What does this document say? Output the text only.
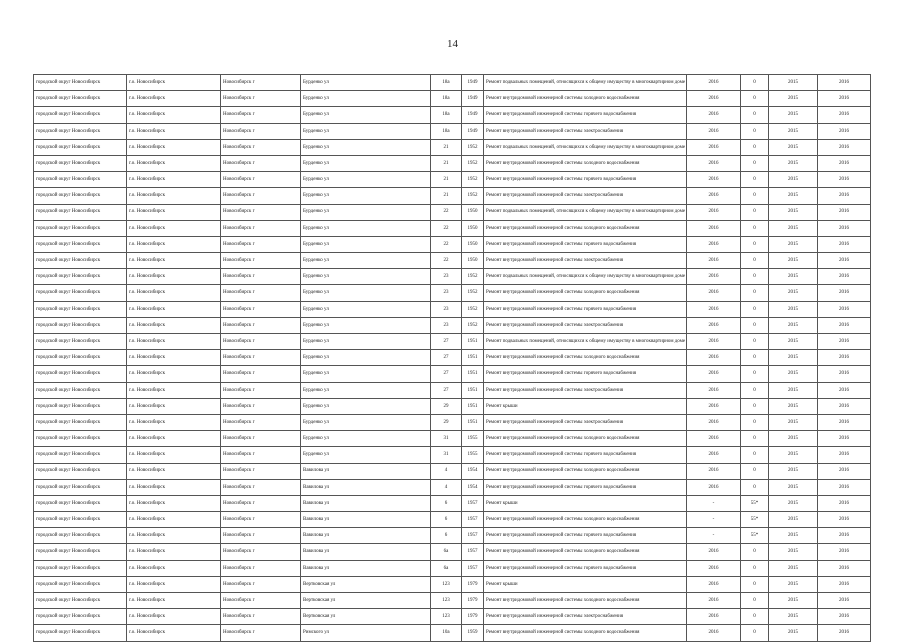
14
городской округ Новосибирск	г.о. Новосибирск	Новосибирск г	Бурденко ул	18а	1949	Ремонт подвальных помещений, относящихся к общему имуществу в многоквартирном доме	2016	0	2015	2016
городской округ Новосибирск	г.о. Новосибирск	Новосибирск г	Бурденко ул	18а	1949	Ремонт внутридомовой инженерной системы холодного водоснабжения	2016	0	2015	2016
городской округ Новосибирск	г.о. Новосибирск	Новосибирск г	Бурденко ул	18а	1949	Ремонт внутридомовой инженерной системы горячего водоснабжения	2016	0	2015	2016
городской округ Новосибирск	г.о. Новосибирск	Новосибирск г	Бурденко ул	18а	1949	Ремонт внутридомовой инженерной системы электроснабжения	2016	0	2015	2016
городской округ Новосибирск	г.о. Новосибирск	Новосибирск г	Бурденко ул	21	1952	Ремонт подвальных помещений, относящихся к общему имуществу в многоквартирном доме	2016	0	2015	2016
городской округ Новосибирск	г.о. Новосибирск	Новосибирск г	Бурденко ул	21	1952	Ремонт внутридомовой инженерной системы холодного водоснабжения	2016	0	2015	2016
городской округ Новосибирск	г.о. Новосибирск	Новосибирск г	Бурденко ул	21	1952	Ремонт внутридомовой инженерной системы горячего водоснабжения	2016	0	2015	2016
городской округ Новосибирск	г.о. Новосибирск	Новосибирск г	Бурденко ул	21	1952	Ремонт внутридомовой инженерной системы электроснабжения	2016	0	2015	2016
городской округ Новосибирск	г.о. Новосибирск	Новосибирск г	Бурденко ул	22	1950	Ремонт подвальных помещений, относящихся к общему имуществу в многоквартирном доме	2016	0	2015	2016
городской округ Новосибирск	г.о. Новосибирск	Новосибирск г	Бурденко ул	22	1950	Ремонт внутридомовой инженерной системы холодного водоснабжения	2016	0	2015	2016
городской округ Новосибирск	г.о. Новосибирск	Новосибирск г	Бурденко ул	22	1950	Ремонт внутридомовой инженерной системы горячего водоснабжения	2016	0	2015	2016
городской округ Новосибирск	г.о. Новосибирск	Новосибирск г	Бурденко ул	22	1950	Ремонт внутридомовой инженерной системы электроснабжения	2016	0	2015	2016
городской округ Новосибирск	г.о. Новосибирск	Новосибирск г	Бурденко ул	23	1952	Ремонт подвальных помещений, относящихся к общему имуществу в многоквартирном доме	2016	0	2015	2016
городской округ Новосибирск	г.о. Новосибирск	Новосибирск г	Бурденко ул	23	1952	Ремонт внутридомовой инженерной системы холодного водоснабжения	2016	0	2015	2016
городской округ Новосибирск	г.о. Новосибирск	Новосибирск г	Бурденко ул	23	1952	Ремонт внутридомовой инженерной системы горячего водоснабжения	2016	0	2015	2016
городской округ Новосибирск	г.о. Новосибирск	Новосибирск г	Бурденко ул	23	1952	Ремонт внутридомовой инженерной системы электроснабжения	2016	0	2015	2016
городской округ Новосибирск	г.о. Новосибирск	Новосибирск г	Бурденко ул	27	1951	Ремонт подвальных помещений, относящихся к общему имуществу в многоквартирном доме	2016	0	2015	2016
городской округ Новосибирск	г.о. Новосибирск	Новосибирск г	Бурденко ул	27	1951	Ремонт внутридомовой инженерной системы холодного водоснабжения	2016	0	2015	2016
городской округ Новосибирск	г.о. Новосибирск	Новосибирск г	Бурденко ул	27	1951	Ремонт внутридомовой инженерной системы горячего водоснабжения	2016	0	2015	2016
городской округ Новосибирск	г.о. Новосибирск	Новосибирск г	Бурденко ул	27	1951	Ремонт внутридомовой инженерной системы электроснабжения	2016	0	2015	2016
городской округ Новосибирск	г.о. Новосибирск	Новосибирск г	Бурденко ул	29	1951	Ремонт крыши	2016	0	2015	2016
городской округ Новосибирск	г.о. Новосибирск	Новосибирск г	Бурденко ул	29	1951	Ремонт внутридомовой инженерной системы электроснабжения	2016	0	2015	2016
городской округ Новосибирск	г.о. Новосибирск	Новосибирск г	Бурденко ул	31	1955	Ремонт внутридомовой инженерной системы холодного водоснабжения	2016	0	2015	2016
городской округ Новосибирск	г.о. Новосибирск	Новосибирск г	Бурденко ул	31	1955	Ремонт внутридомовой инженерной системы горячего водоснабжения	2016	0	2015	2016
городской округ Новосибирск	г.о. Новосибирск	Новосибирск г	Вавилова ул	4	1954	Ремонт внутридомовой инженерной системы холодного водоснабжения	2016	0	2015	2016
городской округ Новосибирск	г.о. Новосибирск	Новосибирск г	Вавилова ул	4	1954	Ремонт внутридомовой инженерной системы горячего водоснабжения	2016	0	2015	2016
городской округ Новосибирск	г.о. Новосибирск	Новосибирск г	Вавилова ул	6	1957	Ремонт крыши	-	55*	2015	2016
городской округ Новосибирск	г.о. Новосибирск	Новосибирск г	Вавилова ул	6	1957	Ремонт внутридомовой инженерной системы холодного водоснабжения	-	55*	2015	2016
городской округ Новосибирск	г.о. Новосибирск	Новосибирск г	Вавилова ул	6	1957	Ремонт внутридомовой инженерной системы горячего водоснабжения	-	55*	2015	2016
городской округ Новосибирск	г.о. Новосибирск	Новосибирск г	Вавилова ул	6а	1957	Ремонт внутридомовой инженерной системы холодного водоснабжения	2016	0	2015	2016
городской округ Новосибирск	г.о. Новосибирск	Новосибирск г	Вавилова ул	6а	1957	Ремонт внутридомовой инженерной системы горячего водоснабжения	2016	0	2015	2016
городской округ Новосибирск	г.о. Новосибирск	Новосибирск г	Вертковская ул	123	1979	Ремонт крыши	2016	0	2015	2016
городской округ Новосибирск	г.о. Новосибирск	Новосибирск г	Вертковская ул	123	1979	Ремонт внутридомовой инженерной системы холодного водоснабжения	2016	0	2015	2016
городской округ Новосибирск	г.о. Новосибирск	Новосибирск г	Вертковская ул	123	1979	Ремонт внутридомовой инженерной системы электроснабжения	2016	0	2015	2016
городской округ Новосибирск	г.о. Новосибирск	Новосибирск г	Римского ул	10а	1959	Ремонт внутридомовой инженерной системы холодного водоснабжения	2016	0	2015	2016
